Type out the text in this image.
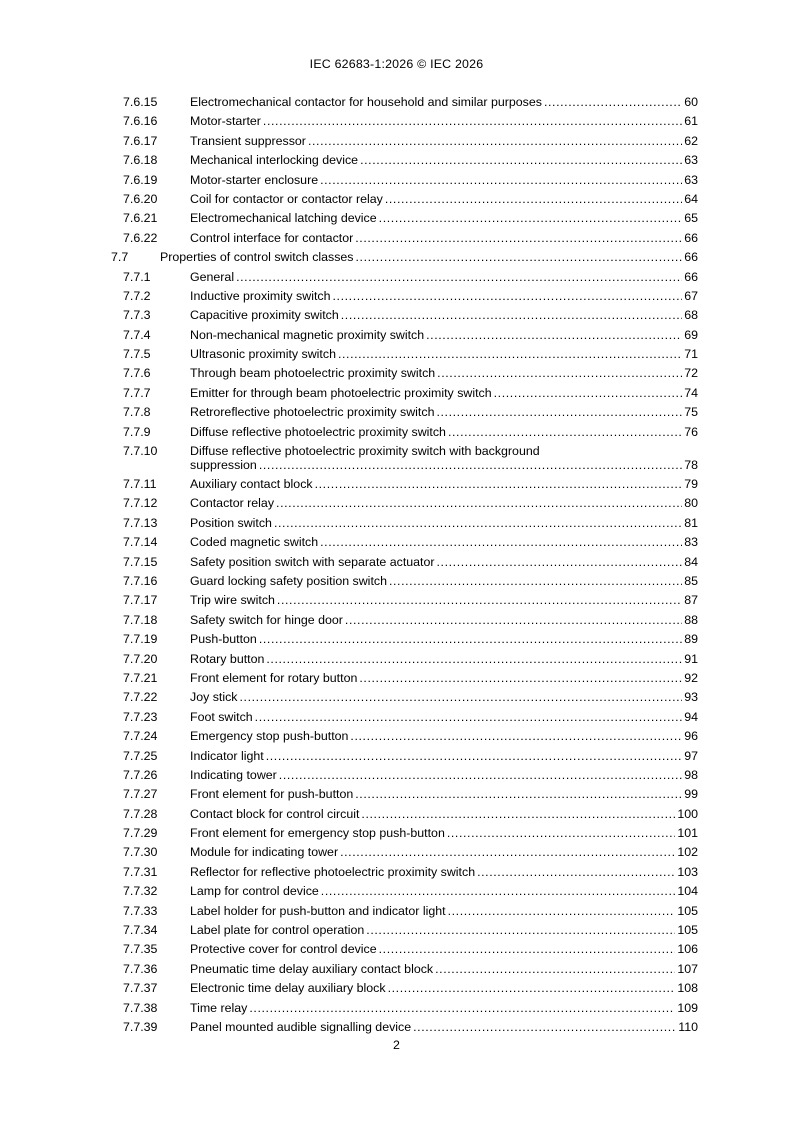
IEC 62683-1:2026 © IEC 2026
7.6.15	Electromechanical contactor for household and similar purposes .....	60
7.6.16	Motor-starter .....	61
7.6.17	Transient suppressor .....	62
7.6.18	Mechanical interlocking device .....	63
7.6.19	Motor-starter enclosure .....	63
7.6.20	Coil for contactor or contactor relay .....	64
7.6.21	Electromechanical latching device .....	65
7.6.22	Control interface for contactor .....	66
7.7	Properties of control switch classes .....	66
7.7.1	General .....	66
7.7.2	Inductive proximity switch .....	67
7.7.3	Capacitive proximity switch .....	68
7.7.4	Non-mechanical magnetic proximity switch .....	69
7.7.5	Ultrasonic proximity switch .....	71
7.7.6	Through beam photoelectric proximity switch .....	72
7.7.7	Emitter for through beam photoelectric proximity switch .....	74
7.7.8	Retroreflective photoelectric proximity switch .....	75
7.7.9	Diffuse reflective photoelectric proximity switch .....	76
7.7.10	Diffuse reflective photoelectric proximity switch with background
suppression .....	78
7.7.11	Auxiliary contact block .....	79
7.7.12	Contactor relay .....	80
7.7.13	Position switch .....	81
7.7.14	Coded magnetic switch .....	83
7.7.15	Safety position switch with separate actuator .....	84
7.7.16	Guard locking safety position switch .....	85
7.7.17	Trip wire switch .....	87
7.7.18	Safety switch for hinge door .....	88
7.7.19	Push-button .....	89
7.7.20	Rotary button .....	91
7.7.21	Front element for rotary button .....	92
7.7.22	Joy stick .....	93
7.7.23	Foot switch .....	94
7.7.24	Emergency stop push-button .....	96
7.7.25	Indicator light .....	97
7.7.26	Indicating tower .....	98
7.7.27	Front element for push-button .....	99
7.7.28	Contact block for control circuit .....	100
7.7.29	Front element for emergency stop push-button .....	101
7.7.30	Module for indicating tower .....	102
7.7.31	Reflector for reflective photoelectric proximity switch .....	103
7.7.32	Lamp for control device .....	104
7.7.33	Label holder for push-button and indicator light .....	105
7.7.34	Label plate for control operation .....	105
7.7.35	Protective cover for control device .....	106
7.7.36	Pneumatic time delay auxiliary contact block .....	107
7.7.37	Electronic time delay auxiliary block .....	108
7.7.38	Time relay .....	109
7.7.39	Panel mounted audible signalling device .....	110
2
